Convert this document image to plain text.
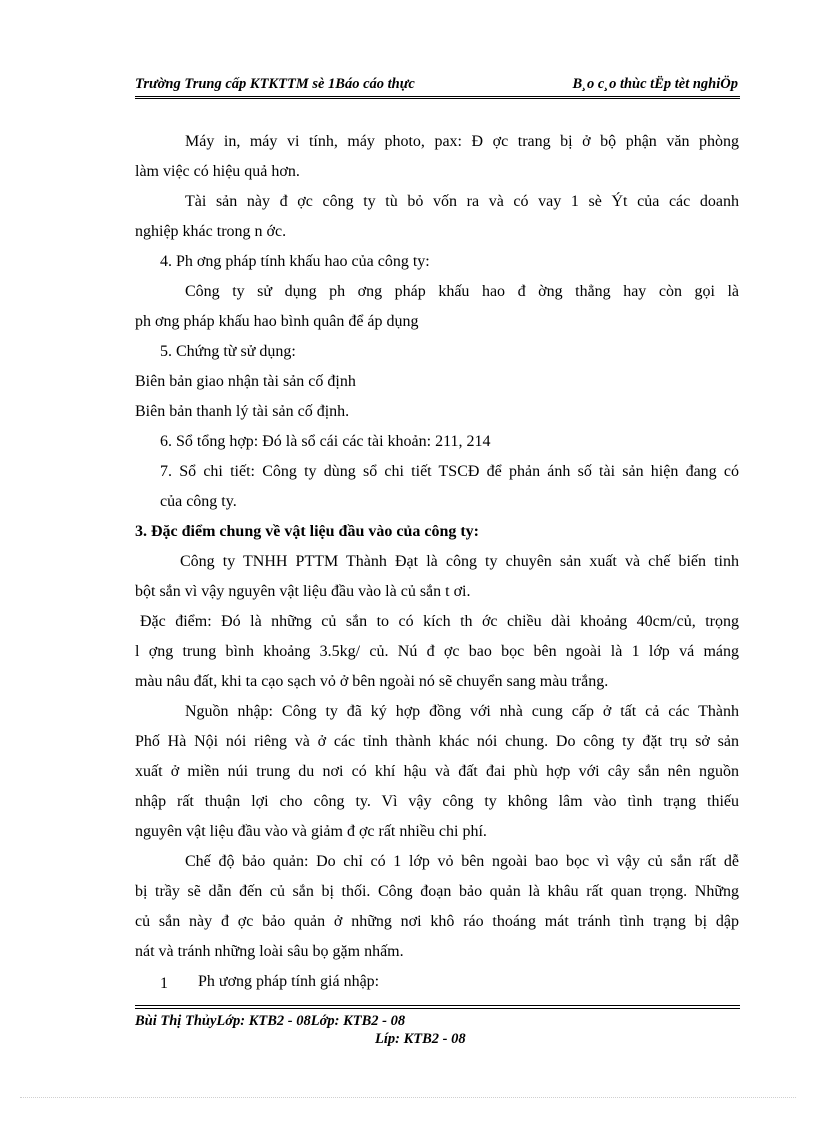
Trường Trung cấp KTKTTM sè 1Báo cáo thực	B¸o c¸o thùc tËp tèt nghiÖp
Máy in, máy vi tính, máy photo, pax: Đ ợc trang bị ở bộ phận văn phòng
làm việc có hiệu quả hơn.
Tài sản này đ ợc công ty tù bỏ vốn ra và có vay 1 sè Ýt của các doanh
nghiệp khác trong n ớc.
4. Ph ơng pháp tính khấu hao của công ty:
Công ty sử dụng ph ơng pháp khấu hao đ ờng thẳng hay còn gọi là
ph ơng pháp khấu hao bình quân để áp dụng
5. Chứng từ sử dụng:
Biên bản giao nhận tài sản cố định
Biên bản thanh lý tài sản cố định.
6. Sổ tổng hợp: Đó là sổ cái các tài khoản: 211, 214
7. Sổ chi tiết: Công ty dùng sổ chi tiết TSCĐ để phản ánh số tài sản hiện đang có
của công ty.
3. Đặc điểm chung về vật liệu đầu vào của công ty:
Công ty TNHH PTTM Thành Đạt là công ty chuyên sản xuất và chế biến tinh
bột sắn vì vậy nguyên vật liệu đầu vào là củ sắn t ơi.
Đặc điểm: Đó là những củ sắn to có kích th ớc chiều dài khoảng 40cm/củ, trọng
l ợng trung bình khoảng 3.5kg/ củ. Nú đ ợc bao bọc bên ngoài là 1 lớp vá máng
màu nâu đất, khi ta cạo sạch vỏ ở bên ngoài nó sẽ chuyển sang màu trắng.
Nguồn nhập: Công ty đã ký hợp đồng với nhà cung cấp ở tất cả các Thành
Phố Hà Nội nói riêng và ở các tỉnh thành khác nói chung. Do công ty đặt trụ sở sản
xuất ở miền núi trung du nơi có khí hậu và đất đai phù hợp với cây sắn nên nguồn
nhập rất thuận lợi cho công ty. Vì vậy công ty không lâm vào tình trạng thiếu
nguyên vật liệu đầu vào và giảm đ ợc rất nhiều chi phí.
Chế độ bảo quản: Do chỉ có 1 lớp vỏ bên ngoài bao bọc vì vậy củ sắn rất dễ
bị trầy sẽ dẫn đến củ sắn bị thối. Công đoạn bảo quản là khâu rất quan trọng. Những
củ sắn này đ ợc bảo quản ở những nơi khô ráo thoáng mát tránh tình trạng bị dập
nát và tránh những loài sâu bọ gặm nhấm.
1 Ph ương pháp tính giá nhập:
Bùi Thị ThủyLớp: KTB2 - 08Lớp: KTB2 - 08
Líp: KTB2 - 08
